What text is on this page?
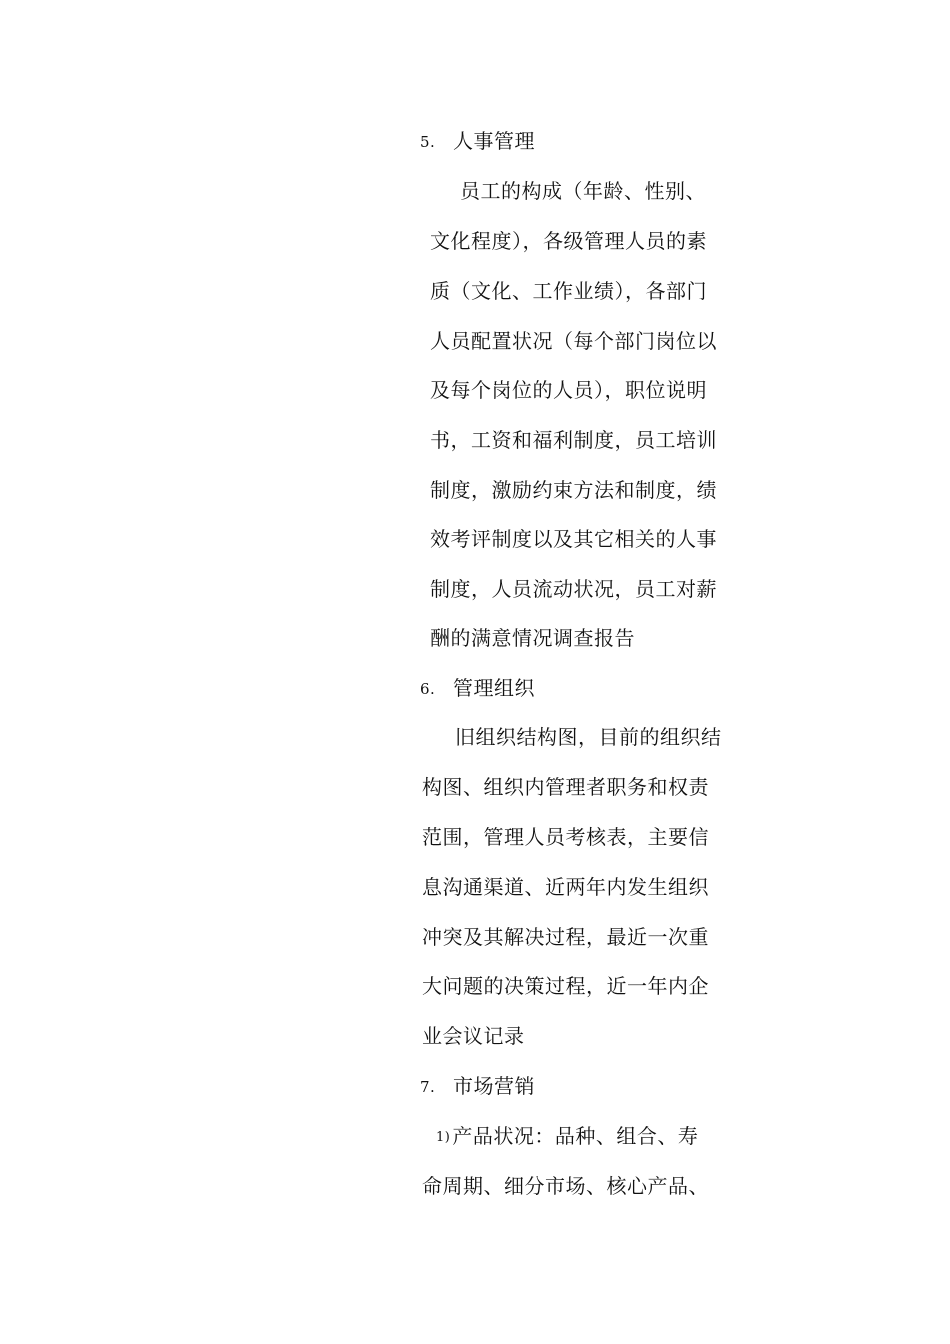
5. 人事管理
员工的构成（年龄、性别、
文化程度），各级管理人员的素
质（文化、工作业绩），各部门
人员配置状况（每个部门岗位以
及每个岗位的人员），职位说明
书，工资和福利制度，员工培训
制度，激励约束方法和制度，绩
效考评制度以及其它相关的人事
制度，人员流动状况，员工对薪
酬的满意情况调查报告
6. 管理组织
旧组织结构图，目前的组织结
构图、组织内管理者职务和权责
范围，管理人员考核表，主要信
息沟通渠道、近两年内发生组织
冲突及其解决过程，最近一次重
大问题的决策过程，近一年内企
业会议记录
7. 市场营销
1) 产品状况：品种、组合、寿
命周期、细分市场、核心产品、
